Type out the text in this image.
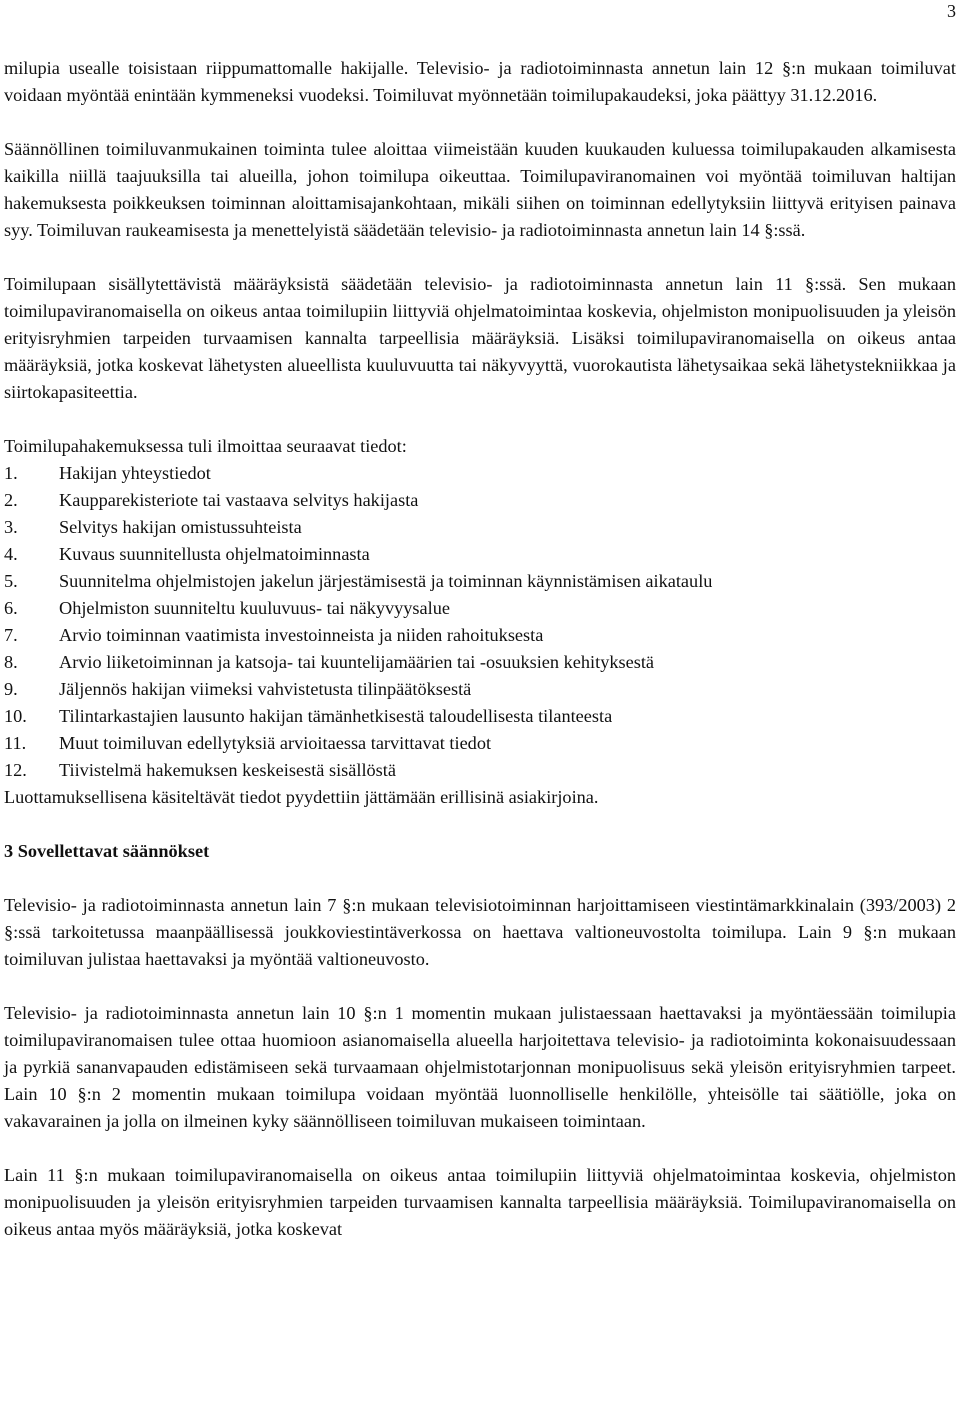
3

milupia usealle toisistaan riippumattomalle hakijalle. Televisio- ja radiotoiminnasta annetun lain 12 §:n mukaan toimiluvat voidaan myöntää enintään kymmeneksi vuodeksi. Toimiluvat myönnetään toimilupakaudeksi, joka päättyy 31.12.2016.

Säännöllinen toimiluvanmukainen toiminta tulee aloittaa viimeistään kuuden kuukauden kuluessa toimilupakauden alkamisesta kaikilla niillä taajuuksilla tai alueilla, johon toimilupa oikeuttaa. Toimilupaviranomainen voi myöntää toimiluvan haltijan hakemuksesta poikkeuksen toiminnan aloittamisajankohtaan, mikäli siihen on toiminnan edellytyksiin liittyvä erityisen painava syy. Toimiluvan raukeamisesta ja menettelyistä säädetään televisio- ja radiotoiminnasta annetun lain 14 §:ssä.

Toimilupaan sisällytettävistä määräyksistä säädetään televisio- ja radiotoiminnasta annetun lain 11 §:ssä. Sen mukaan toimilupaviranomaisella on oikeus antaa toimilupiin liittyviä ohjelmatoimintaa koskevia, ohjelmiston monipuolisuuden ja yleisön erityisryhmien tarpeiden turvaamisen kannalta tarpeellisia määräyksiä. Lisäksi toimilupaviranomaisella on oikeus antaa määräyksiä, jotka koskevat lähetysten alueellista kuuluvuutta tai näkyvyyttä, vuorokautista lähetysaikaa sekä lähetystekniikkaa ja siirtokapasiteettia.

Toimilupahakemuksessa tuli ilmoittaa seuraavat tiedot:

1.	Hakijan yhteystiedot
2.	Kaupparekisteriote tai vastaava selvitys hakijasta
3.	Selvitys hakijan omistussuhteista
4.	Kuvaus suunnitellusta ohjelmatoiminnasta
5.	Suunnitelma ohjelmistojen jakelun järjestämisestä ja toiminnan käynnistämisen aikataulu
6.	Ohjelmiston suunniteltu kuuluvuus- tai näkyvyysalue
7.	Arvio toiminnan vaatimista investoinneista ja niiden rahoituksesta
8.	Arvio liiketoiminnan ja katsoja- tai kuuntelijamäärien tai -osuuksien kehityksestä
9.	Jäljennös hakijan viimeksi vahvistetusta tilinpäätöksestä
10.	Tilintarkastajien lausunto hakijan tämänhetkisestä taloudellisesta tilanteesta
11.	Muut toimiluvan edellytyksiä arvioitaessa tarvittavat tiedot
12.	Tiivistelmä hakemuksen keskeisestä sisällöstä

Luottamuksellisena käsiteltävät tiedot pyydettiin jättämään erillisinä asiakirjoina.

3 Sovellettavat säännökset

Televisio- ja radiotoiminnasta annetun lain 7 §:n mukaan televisiotoiminnan harjoittamiseen viestintämarkkinalain (393/2003) 2 §:ssä tarkoitetussa maanpäällisessä joukkoviestintäverkossa on haettava valtioneuvostolta toimilupa. Lain 9 §:n mukaan toimiluvan julistaa haettavaksi ja myöntää valtioneuvosto.

Televisio- ja radiotoiminnasta annetun lain 10 §:n 1 momentin mukaan julistaessaan haettavaksi ja myöntäessään toimilupia toimilupaviranomaisen tulee ottaa huomioon asianomaisella alueella harjoitettava televisio- ja radiotoiminta kokonaisuudessaan ja pyrkiä sananvapauden edistämiseen sekä turvaamaan ohjelmistotarjonnan monipuolisuus sekä yleisön erityisryhmien tarpeet. Lain 10 §:n 2 momentin mukaan toimilupa voidaan myöntää luonnolliselle henkilölle, yhteisölle tai säätiölle, joka on vakavarainen ja jolla on ilmeinen kyky säännölliseen toimiluvan mukaiseen toimintaan.

Lain 11 §:n mukaan toimilupaviranomaisella on oikeus antaa toimilupiin liittyviä ohjelmatoimintaa koskevia, ohjelmiston monipuolisuuden ja yleisön erityisryhmien tarpeiden turvaamisen kannalta tarpeellisia määräyksiä. Toimilupaviranomaisella on oikeus antaa myös määräyksiä, jotka koskevat
